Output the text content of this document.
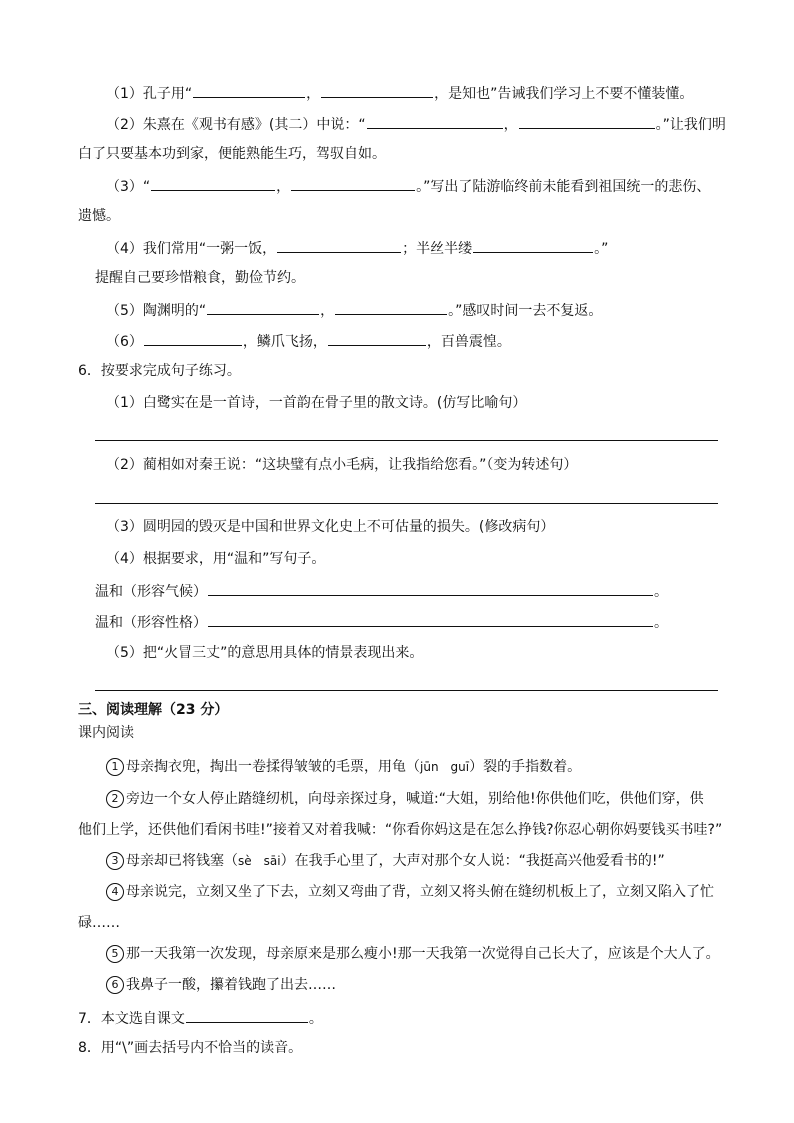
（1）孔子用“	，	，是知也”告诫我们学习上不要不懂装懂。
（2）朱熹在《观书有感》(其二）中说：“	，	。”让我们明
白了只要基本功到家，便能熟能生巧，驾驭自如。
（3）“	，	。”写出了陆游临终前未能看到祖国统一的悲伤、
遗憾。
（4）我们常用“一粥一饭，	；半丝半缕	。”
提醒自己要珍惜粮食，勤俭节约。
（5）陶渊明的“	，	。”感叹时间一去不复返。
（6）	，鳞爪飞扬，	，百兽震惶。
6．按要求完成句子练习。
（1）白鹭实在是一首诗，一首韵在骨子里的散文诗。(仿写比喻句）
（2）蔺相如对秦王说：“这块璧有点小毛病，让我指给您看。”（变为转述句）
（3）圆明园的毁灭是中国和世界文化史上不可估量的损失。(修改病句）
（4）根据要求，用“温和”写句子。
温和（形容气候）	。
温和（形容性格）	。
（5）把“火冒三丈”的意思用具体的情景表现出来。
三、阅读理解（23 分）
课内阅读
1 母亲掏衣兜，掏出一卷揉得皱皱的毛票，用龟（jūn　guī）裂的手指数着。
2 旁边一个女人停止踏缝纫机，向母亲探过身，喊道:“大姐，别给他!你供他们吃，供他们穿，供
他们上学，还供他们看闲书哇!”接着又对着我喊：“你看你妈这是在怎么挣钱?你忍心朝你妈要钱买书哇?”
3 母亲却已将钱塞（sè　sāi）在我手心里了，大声对那个女人说：“我挺高兴他爱看书的!”
4 母亲说完，立刻又坐了下去，立刻又弯曲了背，立刻又将头俯在缝纫机板上了，立刻又陷入了忙
碌……
5 那一天我第一次发现，母亲原来是那么瘦小!那一天我第一次觉得自己长大了，应该是个大人了。
6 我鼻子一酸，攥着钱跑了出去……
7．本文选自课文	。
8．用“\”画去括号内不恰当的读音。
